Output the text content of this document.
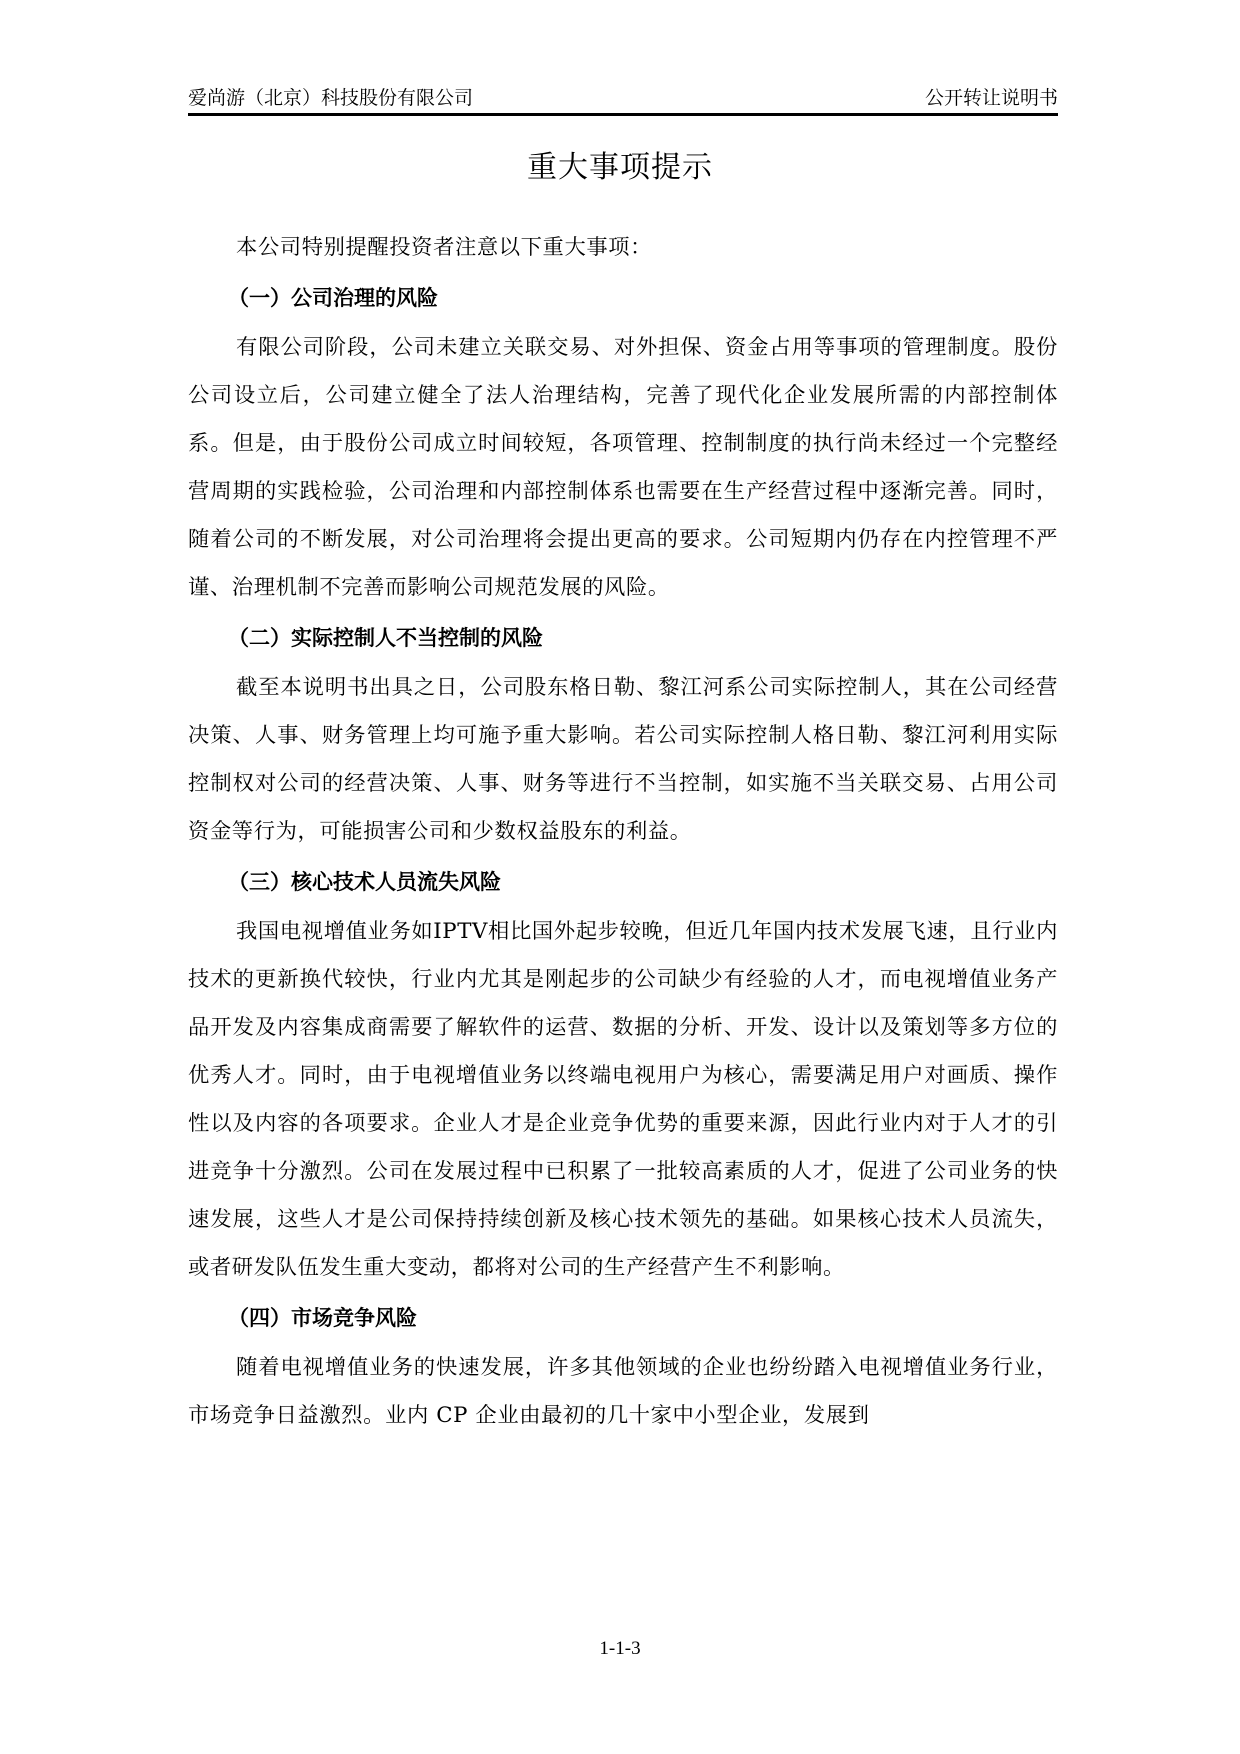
爱尚游（北京）科技股份有限公司	公开转让说明书
重大事项提示

本公司特别提醒投资者注意以下重大事项：

（一）公司治理的风险

有限公司阶段，公司未建立关联交易、对外担保、资金占用等事项的管理制度。股份公司设立后，公司建立健全了法人治理结构，完善了现代化企业发展所需的内部控制体系。但是，由于股份公司成立时间较短，各项管理、控制制度的执行尚未经过一个完整经营周期的实践检验，公司治理和内部控制体系也需要在生产经营过程中逐渐完善。同时，随着公司的不断发展，对公司治理将会提出更高的要求。公司短期内仍存在内控管理不严谨、治理机制不完善而影响公司规范发展的风险。

（二）实际控制人不当控制的风险

截至本说明书出具之日，公司股东格日勒、黎江河系公司实际控制人，其在公司经营决策、人事、财务管理上均可施予重大影响。若公司实际控制人格日勒、黎江河利用实际控制权对公司的经营决策、人事、财务等进行不当控制，如实施不当关联交易、占用公司资金等行为，可能损害公司和少数权益股东的利益。

（三）核心技术人员流失风险

我国电视增值业务如IPTV相比国外起步较晚，但近几年国内技术发展飞速，且行业内技术的更新换代较快，行业内尤其是刚起步的公司缺少有经验的人才，而电视增值业务产品开发及内容集成商需要了解软件的运营、数据的分析、开发、设计以及策划等多方位的优秀人才。同时，由于电视增值业务以终端电视用户为核心，需要满足用户对画质、操作性以及内容的各项要求。企业人才是企业竞争优势的重要来源，因此行业内对于人才的引进竞争十分激烈。公司在发展过程中已积累了一批较高素质的人才，促进了公司业务的快速发展，这些人才是公司保持持续创新及核心技术领先的基础。如果核心技术人员流失，或者研发队伍发生重大变动，都将对公司的生产经营产生不利影响。

（四）市场竞争风险

随着电视增值业务的快速发展，许多其他领域的企业也纷纷踏入电视增值业务行业，市场竞争日益激烈。业内 CP 企业由最初的几十家中小型企业，发展到

1-1-3
